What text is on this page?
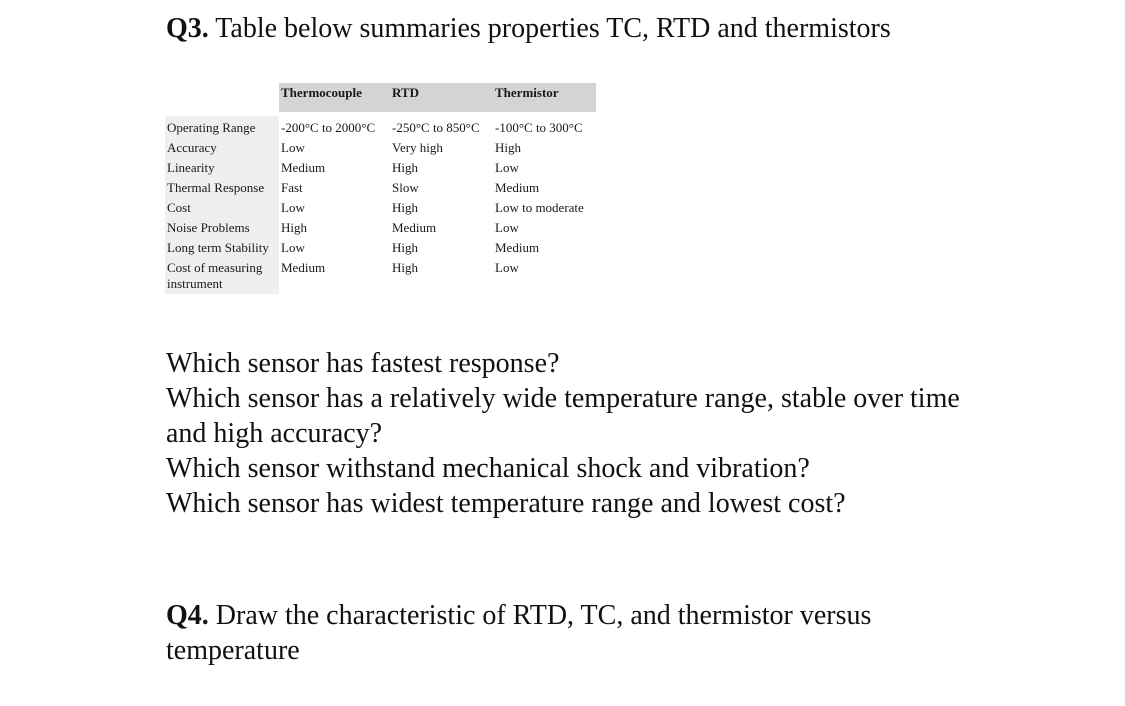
Q3. Table below summaries properties TC, RTD and thermistors
	Thermocouple	RTD	Thermistor

Operating Range	-200°C to 2000°C	-250°C to 850°C	-100°C to 300°C
Accuracy	Low	Very high	High
Linearity	Medium	High	Low
Thermal Response	Fast	Slow	Medium
Cost	Low	High	Low to moderate
Noise Problems	High	Medium	Low
Long term Stability	Low	High	Medium
Cost of measuring instrument	Medium	High	Low

Which sensor has fastest response?

Which sensor has a relatively wide temperature range, stable over time and high accuracy?

Which sensor withstand mechanical shock and vibration?

Which sensor has widest temperature range and lowest cost?

Q4. Draw the characteristic of RTD, TC, and thermistor versus temperature
